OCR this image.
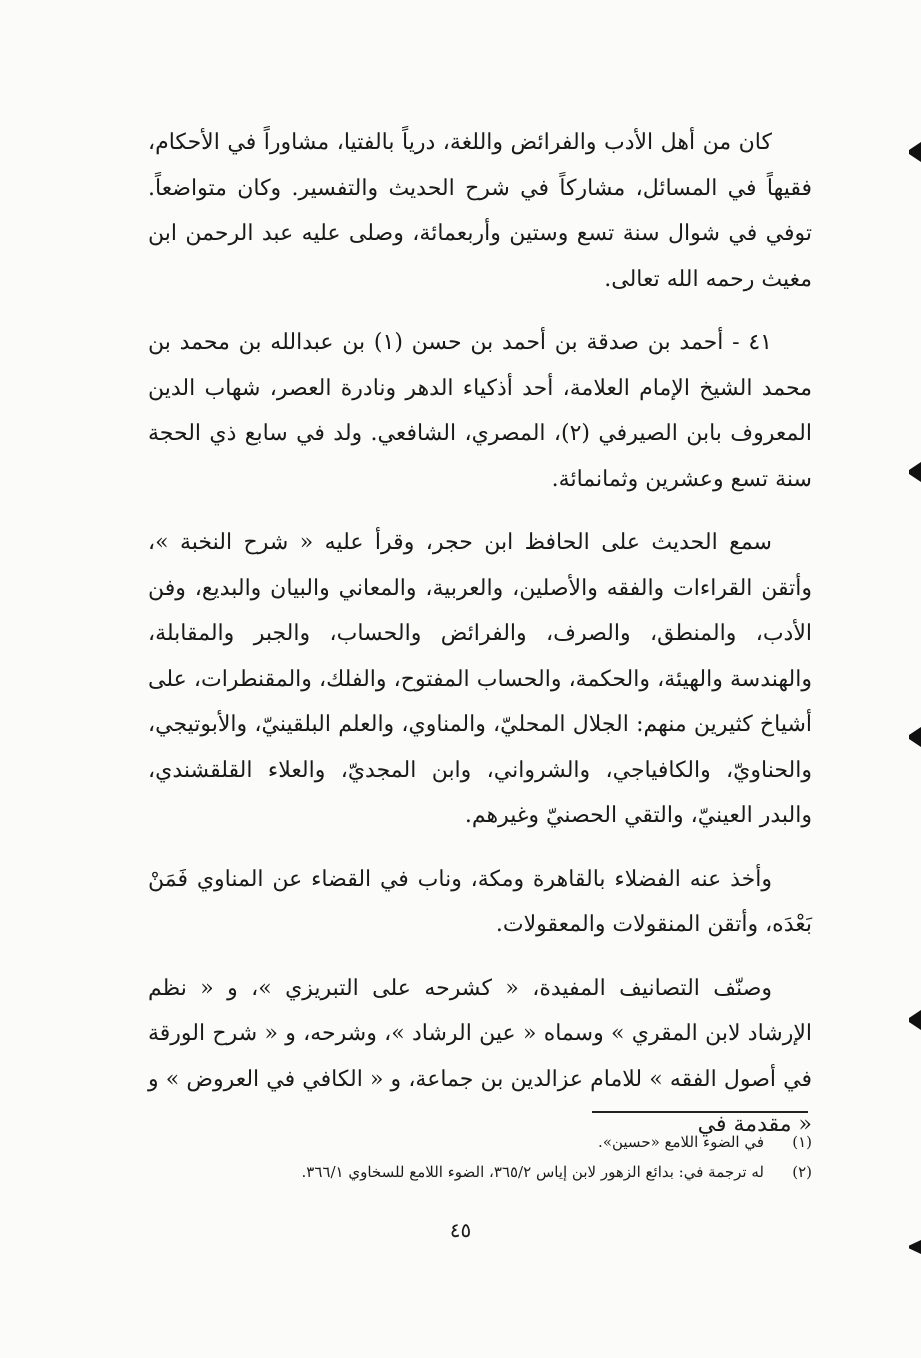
كان من أهل الأدب والفرائض واللغة، درياً بالفتيا، مشاوراً في الأحكام، فقيهاً في المسائل، مشاركاً في شرح الحديث والتفسير. وكان متواضعاً. توفي في شوال سنة تسع وستين وأربعمائة، وصلى عليه عبد الرحمن ابن مغيث رحمه الله تعالى.

٤١ - أحمد بن صدقة بن أحمد بن حسن (١) بن عبدالله بن محمد بن محمد الشيخ الإمام العلامة، أحد أذكياء الدهر ونادرة العصر، شهاب الدين المعروف بابن الصيرفي (٢)، المصري، الشافعي. ولد في سابع ذي الحجة سنة تسع وعشرين وثمانمائة.

سمع الحديث على الحافظ ابن حجر، وقرأ عليه « شرح النخبة »، وأتقن القراءات والفقه والأصلين، والعربية، والمعاني والبيان والبديع، وفن الأدب، والمنطق، والصرف، والفرائض والحساب، والجبر والمقابلة، والهندسة والهيئة، والحكمة، والحساب المفتوح، والفلك، والمقنطرات، على أشياخ كثيرين منهم: الجلال المحليّ، والمناوي، والعلم البلقينيّ، والأبوتيجي، والحناويّ، والكافياجي، والشرواني، وابن المجديّ، والعلاء القلقشندي، والبدر العينيّ، والتقي الحصنيّ وغيرهم.

وأخذ عنه الفضلاء بالقاهرة ومكة، وناب في القضاء عن المناوي فَمَنْ بَعْدَه، وأتقن المنقولات والمعقولات.

وصنّف التصانيف المفيدة، « كشرحه على التبريزي »، و « نظم الإرشاد لابن المقري » وسماه « عين الرشاد »، وشرحه، و « شرح الورقة في أصول الفقه » للامام عزالدين بن جماعة، و « الكافي في العروض » و « مقدمة في

(١)
في الضوء اللامع «حسين».
(٢)
له ترجمة في: بدائع الزهور لابن إياس ٣٦٥/٢، الضوء اللامع للسخاوي ٣٦٦/١.
٤٥
